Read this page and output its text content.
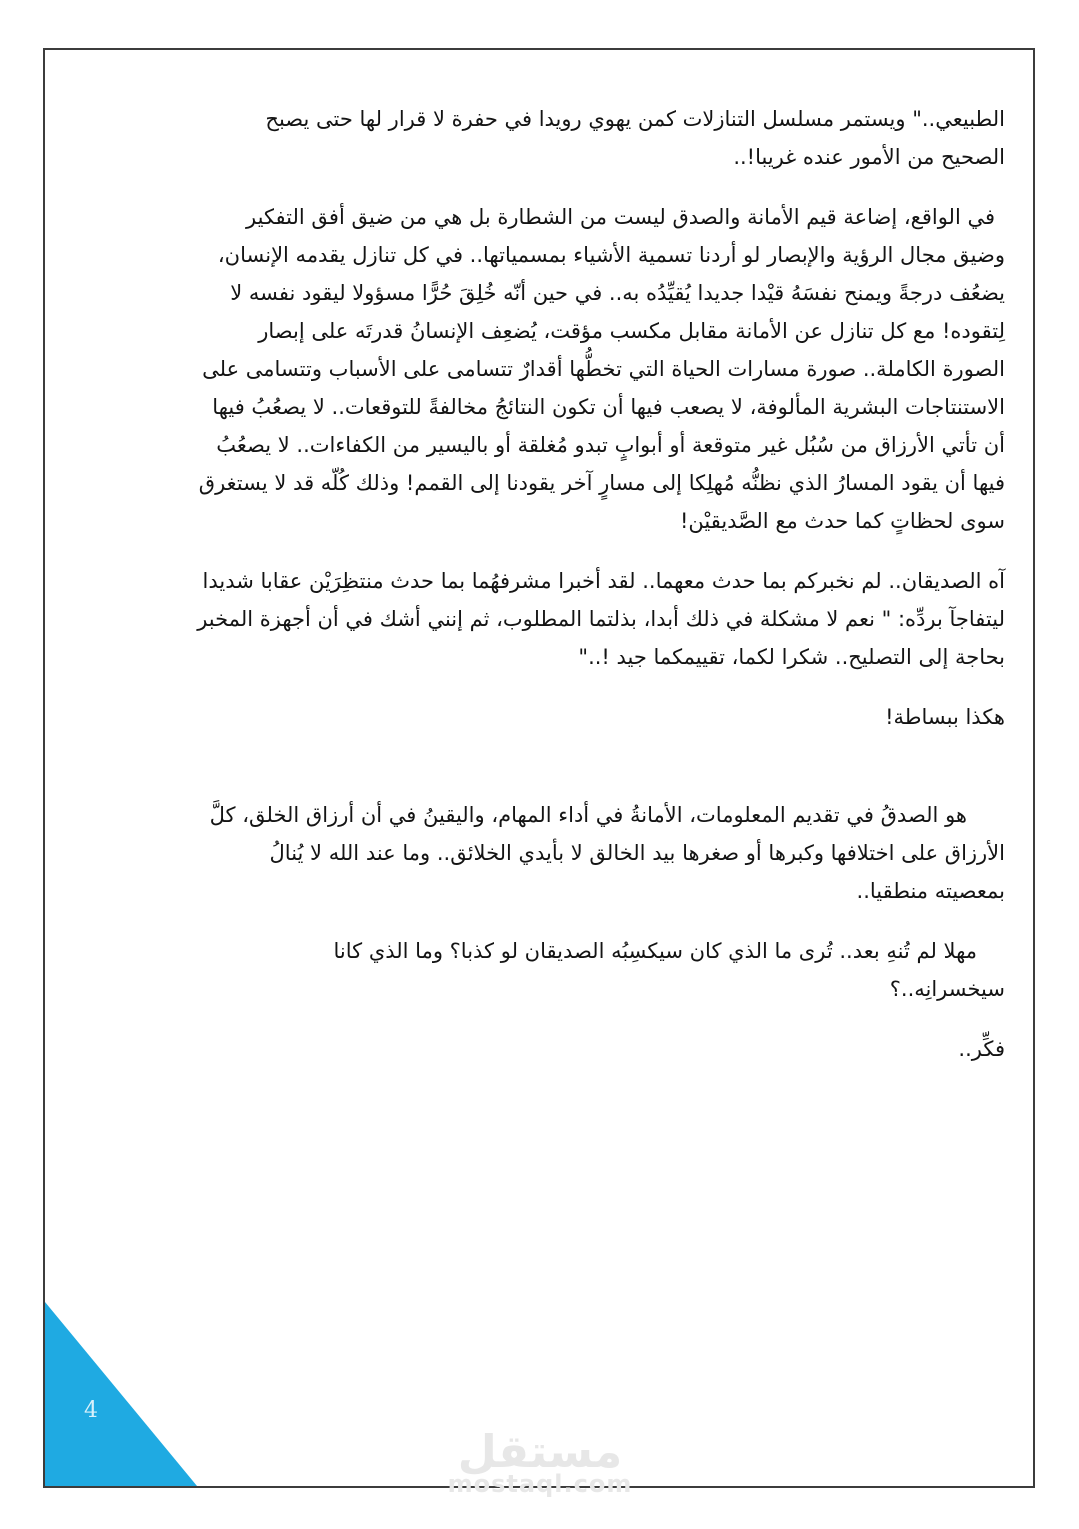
الطبيعي.." ويستمر مسلسل التنازلات كمن يهوي رويدا في حفرة لا قرار لها حتى يصبح
الصحيح من الأمور عنده غريبا!..

في الواقع، إضاعة قيم الأمانة والصدق ليست من الشطارة بل هي من ضيق أفق التفكير
وضيق مجال الرؤية والإبصار لو أردنا تسمية الأشياء بمسمياتها.. في كل تنازل يقدمه الإنسان،
يضعُف درجةً ويمنح نفسَهُ قيْدا جديدا يُقيِّدُه به.. في حين أنّه خُلِقَ حُرًّا مسؤولا ليقود نفسه لا
لِتقوده! مع كل تنازل عن الأمانة مقابل مكسب مؤقت، يُضعِف الإنسانُ قدرتَه على إبصار
الصورة الكاملة.. صورة مسارات الحياة التي تخطُّها أقدارٌ تتسامى على الأسباب وتتسامى على
الاستنتاجات البشرية المألوفة، لا يصعب فيها أن تكون النتائجُ مخالفةً للتوقعات.. لا يصعُبُ فيها
أن تأتي الأرزاق من سُبُل غير متوقعة أو أبوابٍ تبدو مُغلقة أو باليسير من الكفاءات.. لا يصعُبُ
فيها أن يقود المسارُ الذي نظنُّه مُهلِكا إلى مسارٍ آخر يقودنا إلى القمم! وذلك كُلّه قد لا يستغرق
سوى لحظاتٍ كما حدث مع الصَّديقيْن!

آه الصديقان.. لم نخبركم بما حدث معهما.. لقد أخبرا مشرفهُما بما حدث منتظِرَيْن عقابا شديدا
ليتفاجآ بردِّه: " نعم لا مشكلة في ذلك أبدا، بذلتما المطلوب، ثم إنني أشك في أن أجهزة المخبر
بحاجة إلى التصليح.. شكرا لكما، تقييمكما جيد !.."

هكذا ببساطة!

هو الصدقُ في تقديم المعلومات، الأمانةُ في أداء المهام، واليقينُ في أن أرزاق الخلق، كلَّ
الأرزاق على اختلافها وكبرها أو صغرها بيد الخالق لا بأيدي الخلائق.. وما عند الله لا يُنالُ
بمعصيته منطقيا..

مهلا لم تُنهِ بعد.. تُرى ما الذي كان سيكسِبُه الصديقان لو كذبا؟ وما الذي كانا
سيخسرانِه..؟

فكِّر..

4
مستقل
mostaql.com
